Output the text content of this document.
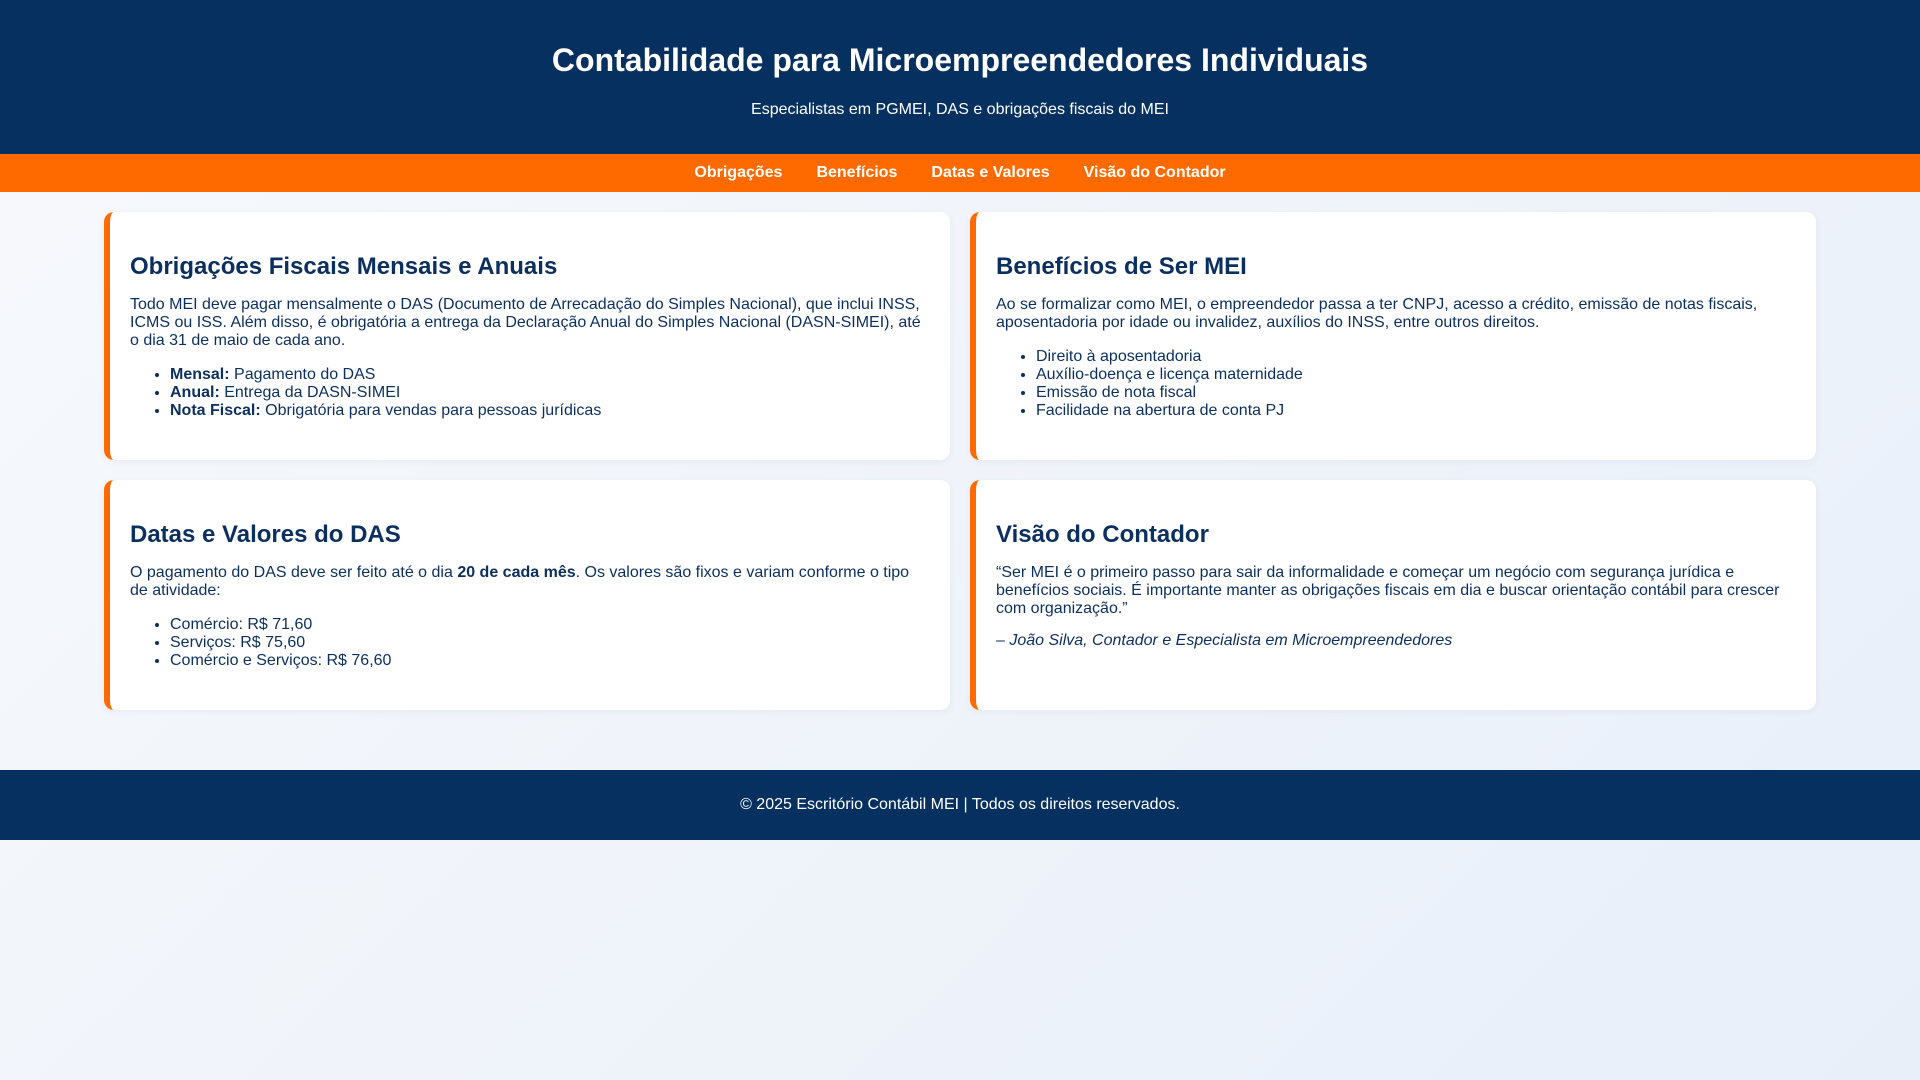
Contabilidade para Microempreendedores Individuais

Especialistas em PGMEI, DAS e obrigações fiscais do MEI

Obrigações Benefícios Datas e Valores Visão do Contador
Obrigações Fiscais Mensais e Anuais

Todo MEI deve pagar mensalmente o DAS (Documento de Arrecadação do Simples Nacional), que inclui INSS, ICMS ou ISS. Além disso, é obrigatória a entrega da Declaração Anual do Simples Nacional (DASN-SIMEI), até o dia 31 de maio de cada ano.

• Mensal: Pagamento do DAS
• Anual: Entrega da DASN-SIMEI
• Nota Fiscal: Obrigatória para vendas para pessoas jurídicas
Benefícios de Ser MEI

Ao se formalizar como MEI, o empreendedor passa a ter CNPJ, acesso a crédito, emissão de notas fiscais, aposentadoria por idade ou invalidez, auxílios do INSS, entre outros direitos.

• Direito à aposentadoria
• Auxílio-doença e licença maternidade
• Emissão de nota fiscal
• Facilidade na abertura de conta PJ
Datas e Valores do DAS

O pagamento do DAS deve ser feito até o dia 20 de cada mês. Os valores são fixos e variam conforme o tipo de atividade:

• Comércio: R$ 71,60
• Serviços: R$ 75,60
• Comércio e Serviços: R$ 76,60
Visão do Contador

“Ser MEI é o primeiro passo para sair da informalidade e começar um negócio com segurança jurídica e benefícios sociais. É importante manter as obrigações fiscais em dia e buscar orientação contábil para crescer com organização.”

– João Silva, Contador e Especialista em Microempreendedores

© 2025 Escritório Contábil MEI | Todos os direitos reservados.
